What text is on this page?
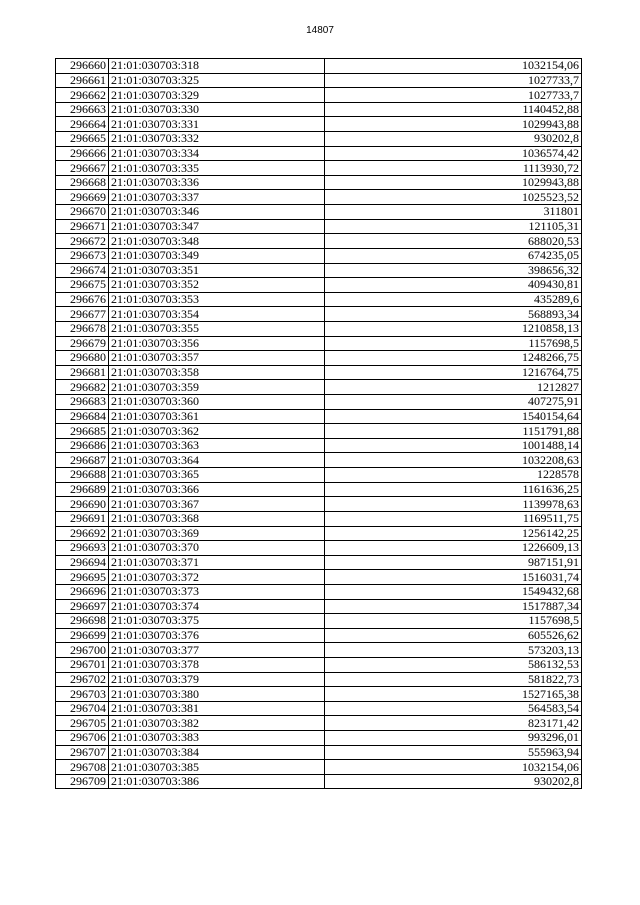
14807
296660	21:01:030703:318	1032154,06
296661	21:01:030703:325	1027733,7
296662	21:01:030703:329	1027733,7
296663	21:01:030703:330	1140452,88
296664	21:01:030703:331	1029943,88
296665	21:01:030703:332	930202,8
296666	21:01:030703:334	1036574,42
296667	21:01:030703:335	1113930,72
296668	21:01:030703:336	1029943,88
296669	21:01:030703:337	1025523,52
296670	21:01:030703:346	311801
296671	21:01:030703:347	121105,31
296672	21:01:030703:348	688020,53
296673	21:01:030703:349	674235,05
296674	21:01:030703:351	398656,32
296675	21:01:030703:352	409430,81
296676	21:01:030703:353	435289,6
296677	21:01:030703:354	568893,34
296678	21:01:030703:355	1210858,13
296679	21:01:030703:356	1157698,5
296680	21:01:030703:357	1248266,75
296681	21:01:030703:358	1216764,75
296682	21:01:030703:359	1212827
296683	21:01:030703:360	407275,91
296684	21:01:030703:361	1540154,64
296685	21:01:030703:362	1151791,88
296686	21:01:030703:363	1001488,14
296687	21:01:030703:364	1032208,63
296688	21:01:030703:365	1228578
296689	21:01:030703:366	1161636,25
296690	21:01:030703:367	1139978,63
296691	21:01:030703:368	1169511,75
296692	21:01:030703:369	1256142,25
296693	21:01:030703:370	1226609,13
296694	21:01:030703:371	987151,91
296695	21:01:030703:372	1516031,74
296696	21:01:030703:373	1549432,68
296697	21:01:030703:374	1517887,34
296698	21:01:030703:375	1157698,5
296699	21:01:030703:376	605526,62
296700	21:01:030703:377	573203,13
296701	21:01:030703:378	586132,53
296702	21:01:030703:379	581822,73
296703	21:01:030703:380	1527165,38
296704	21:01:030703:381	564583,54
296705	21:01:030703:382	823171,42
296706	21:01:030703:383	993296,01
296707	21:01:030703:384	555963,94
296708	21:01:030703:385	1032154,06
296709	21:01:030703:386	930202,8
